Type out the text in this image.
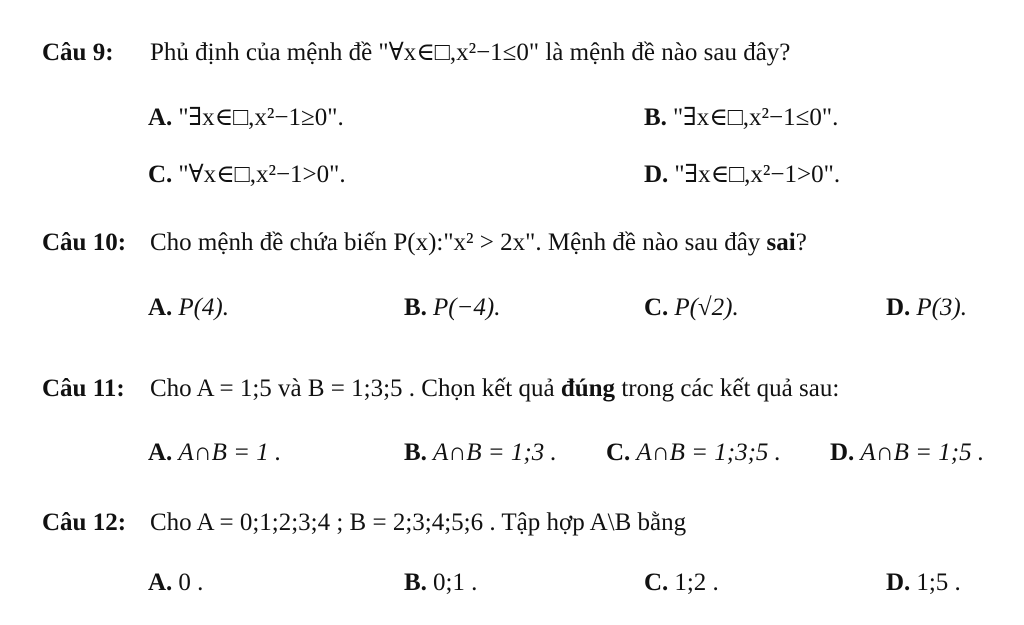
Câu 9: Phủ định của mệnh đề "∀x∈□,x²−1≤0" là mệnh đề nào sau đây?
A. "∃x∈□,x²−1≥0".	B. "∃x∈□,x²−1≤0".
C. "∀x∈□,x²−1>0".	D. "∃x∈□,x²−1>0".
Câu 10: Cho mệnh đề chứa biến P(x):"x² > 2x". Mệnh đề nào sau đây sai?
A. P(4).	B. P(−4).	C. P(√2).	D. P(3).
Câu 11: Cho A = 1;5 và B = 1;3;5 . Chọn kết quả đúng trong các kết quả sau:
A. A∩B = 1 .	B. A∩B = 1;3 . C. A∩B = 1;3;5 . D. A∩B = 1;5 .
Câu 12: Cho A = 0;1;2;3;4 ; B = 2;3;4;5;6 . Tập hợp A\B bằng
A. 0 .	B. 0;1 .	C. 1;2 .	D. 1;5 .
